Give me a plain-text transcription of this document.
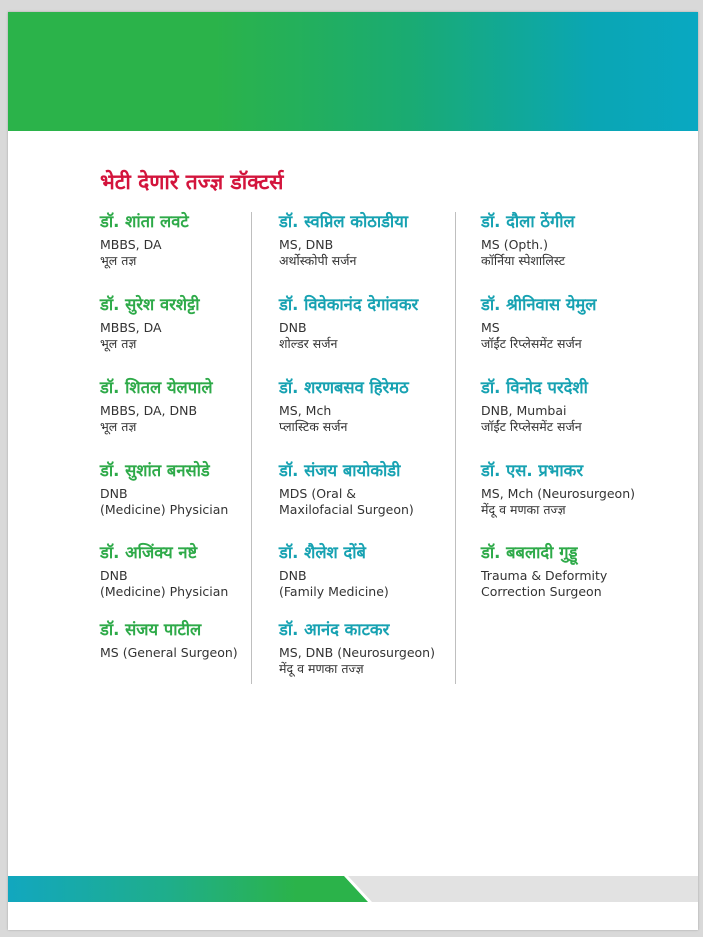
भेटी देणारे तज्ज्ञ डॉक्टर्स
डॉ. शांता लवटे
MBBS, DA
भूल तज्ञ
डॉ. सुरेश वरशेट्टी
MBBS, DA
भूल तज्ञ
डॉ. शितल येलपाले
MBBS, DA, DNB
भूल तज्ञ
डॉ. सुशांत बनसोडे
DNB
(Medicine) Physician
डॉ. अजिंक्य नष्टे
DNB
(Medicine) Physician
डॉ. संजय पाटील
MS (General Surgeon)
डॉ. स्वप्निल कोठाडीया
MS, DNB
अर्थोस्कोपी सर्जन
डॉ. विवेकानंद देगांवकर
DNB
शोल्डर सर्जन
डॉ. शरणबसव हिरेमठ
MS, Mch
प्लास्टिक सर्जन
डॉ. संजय बायोकोडी
MDS (Oral &
Maxilofacial Surgeon)
डॉ. शैलेश दोंबे
DNB
(Family Medicine)
डॉ. आनंद काटकर
MS, DNB (Neurosurgeon)
मेंदू व मणका तज्ज्ञ
डॉ. दौला ठेंगील
MS (Opth.)
कॉर्निया स्पेशालिस्ट
डॉ. श्रीनिवास येमुल
MS
जॉईंट रिप्लेसमेंट सर्जन
डॉ. विनोद परदेशी
DNB, Mumbai
जॉईंट रिप्लेसमेंट सर्जन
डॉ. एस. प्रभाकर
MS, Mch (Neurosurgeon)
मेंदू व मणका तज्ज्ञ
डॉ. बबलादी गुड्डू
Trauma & Deformity
Correction Surgeon
